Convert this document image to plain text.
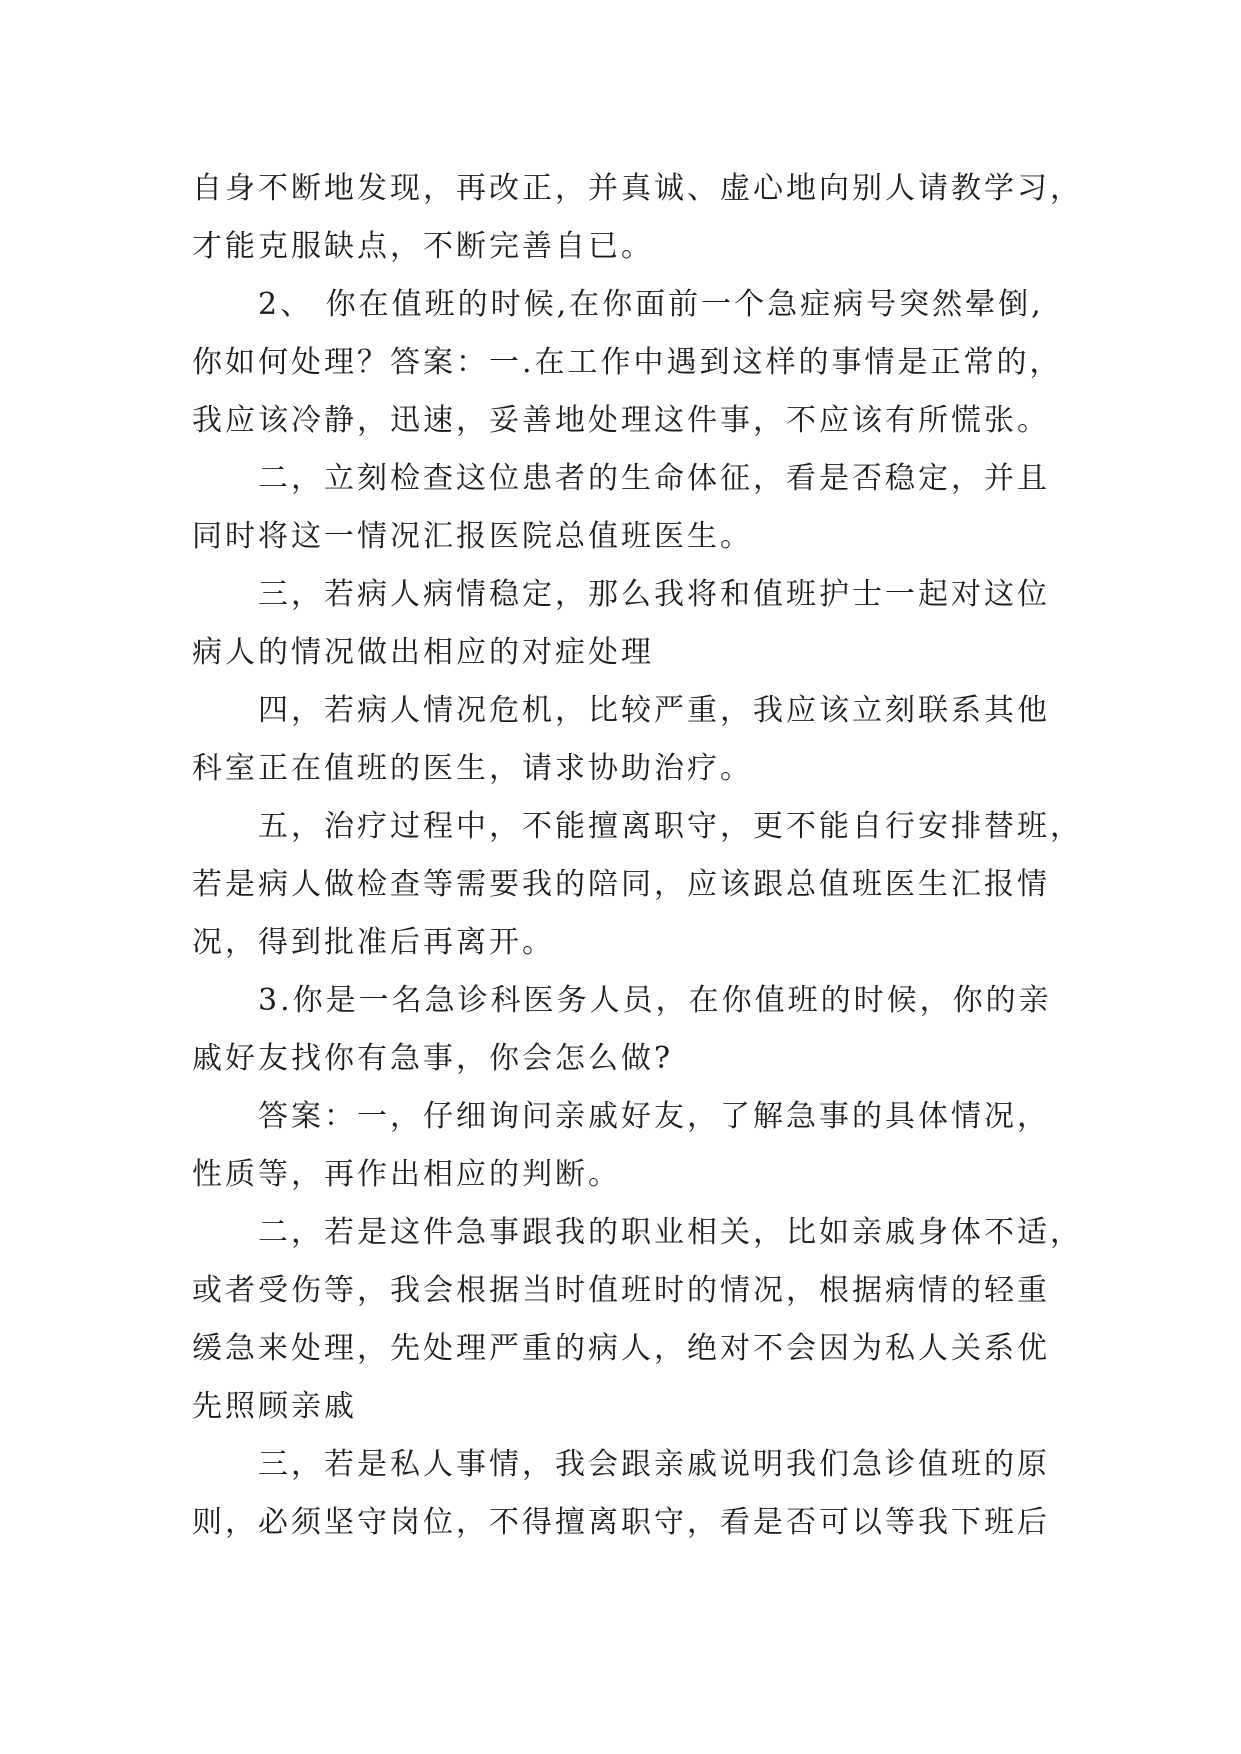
自身不断地发现，再改正，并真诚、虚心地向别人请教学习，
才能克服缺点，不断完善自已。
2、 你在值班的时候,在你面前一个急症病号突然晕倒,
你如何处理？答案：一.在工作中遇到这样的事情是正常的，
我应该冷静，迅速，妥善地处理这件事，不应该有所慌张。
二，立刻检查这位患者的生命体征，看是否稳定，并且
同时将这一情况汇报医院总值班医生。
三，若病人病情稳定，那么我将和值班护士一起对这位
病人的情况做出相应的对症处理
四，若病人情况危机，比较严重，我应该立刻联系其他
科室正在值班的医生，请求协助治疗。
五，治疗过程中，不能擅离职守，更不能自行安排替班，
若是病人做检查等需要我的陪同，应该跟总值班医生汇报情
况，得到批准后再离开。
3.你是一名急诊科医务人员，在你值班的时候，你的亲
戚好友找你有急事，你会怎么做?
答案：一，仔细询问亲戚好友，了解急事的具体情况，
性质等，再作出相应的判断。
二，若是这件急事跟我的职业相关，比如亲戚身体不适，
或者受伤等，我会根据当时值班时的情况，根据病情的轻重
缓急来处理，先处理严重的病人，绝对不会因为私人关系优
先照顾亲戚
三，若是私人事情，我会跟亲戚说明我们急诊值班的原
则，必须坚守岗位，不得擅离职守，看是否可以等我下班后
